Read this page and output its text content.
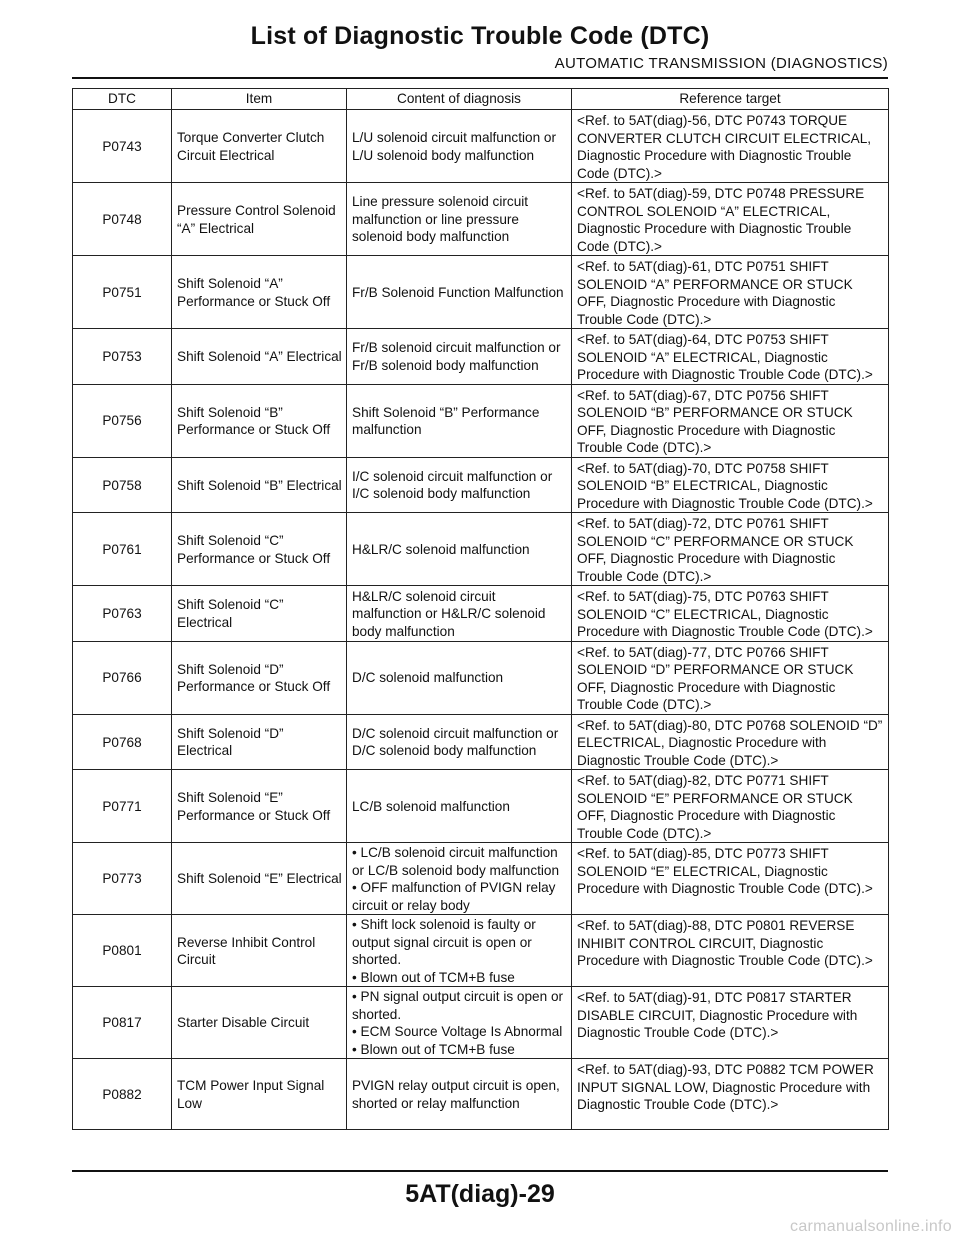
List of Diagnostic Trouble Code (DTC)
AUTOMATIC TRANSMISSION (DIAGNOSTICS)
DTC	Item	Content of diagnosis	Reference target
P0743	Torque Converter Clutch Circuit Electrical	L/U solenoid circuit malfunction or L/U solenoid body malfunction	<Ref. to 5AT(diag)-56, DTC P0743 TORQUE CONVERTER CLUTCH CIRCUIT ELECTRICAL, Diagnostic Procedure with Diagnostic Trouble Code (DTC).>
P0748	Pressure Control Solenoid “A” Electrical	Line pressure solenoid circuit malfunction or line pressure solenoid body malfunction	<Ref. to 5AT(diag)-59, DTC P0748 PRESSURE CONTROL SOLENOID “A” ELECTRICAL, Diagnostic Procedure with Diagnostic Trouble Code (DTC).>
P0751	Shift Solenoid “A” Performance or Stuck Off	Fr/B Solenoid Function Malfunction	<Ref. to 5AT(diag)-61, DTC P0751 SHIFT SOLENOID “A” PERFORMANCE OR STUCK OFF, Diagnostic Procedure with Diagnostic Trouble Code (DTC).>
P0753	Shift Solenoid “A” Electrical	Fr/B solenoid circuit malfunction or Fr/B solenoid body malfunction	<Ref. to 5AT(diag)-64, DTC P0753 SHIFT SOLENOID “A” ELECTRICAL, Diagnostic Procedure with Diagnostic Trouble Code (DTC).>
P0756	Shift Solenoid “B” Performance or Stuck Off	Shift Solenoid “B” Performance malfunction	<Ref. to 5AT(diag)-67, DTC P0756 SHIFT SOLENOID “B” PERFORMANCE OR STUCK OFF, Diagnostic Procedure with Diagnostic Trouble Code (DTC).>
P0758	Shift Solenoid “B” Electrical	I/C solenoid circuit malfunction or I/C solenoid body malfunction	<Ref. to 5AT(diag)-70, DTC P0758 SHIFT SOLENOID “B” ELECTRICAL, Diagnostic Procedure with Diagnostic Trouble Code (DTC).>
P0761	Shift Solenoid “C” Performance or Stuck Off	H&LR/C solenoid malfunction	<Ref. to 5AT(diag)-72, DTC P0761 SHIFT SOLENOID “C” PERFORMANCE OR STUCK OFF, Diagnostic Procedure with Diagnostic Trouble Code (DTC).>
P0763	Shift Solenoid “C” Electrical	H&LR/C solenoid circuit malfunction or H&LR/C solenoid body malfunction	<Ref. to 5AT(diag)-75, DTC P0763 SHIFT SOLENOID “C” ELECTRICAL, Diagnostic Procedure with Diagnostic Trouble Code (DTC).>
P0766	Shift Solenoid “D” Performance or Stuck Off	D/C solenoid malfunction	<Ref. to 5AT(diag)-77, DTC P0766 SHIFT SOLENOID “D” PERFORMANCE OR STUCK OFF, Diagnostic Procedure with Diagnostic Trouble Code (DTC).>
P0768	Shift Solenoid “D” Electrical	D/C solenoid circuit malfunction or D/C solenoid body malfunction	<Ref. to 5AT(diag)-80, DTC P0768 SOLENOID “D” ELECTRICAL, Diagnostic Procedure with Diagnostic Trouble Code (DTC).>
P0771	Shift Solenoid “E” Performance or Stuck Off	LC/B solenoid malfunction	<Ref. to 5AT(diag)-82, DTC P0771 SHIFT SOLENOID “E” PERFORMANCE OR STUCK OFF, Diagnostic Procedure with Diagnostic Trouble Code (DTC).>
P0773	Shift Solenoid “E” Electrical	• LC/B solenoid circuit malfunction or LC/B solenoid body malfunction
• OFF malfunction of PVIGN relay circuit or relay body	<Ref. to 5AT(diag)-85, DTC P0773 SHIFT SOLENOID “E” ELECTRICAL, Diagnostic Procedure with Diagnostic Trouble Code (DTC).>
P0801	Reverse Inhibit Control Circuit	• Shift lock solenoid is faulty or output signal circuit is open or shorted.
• Blown out of TCM+B fuse	<Ref. to 5AT(diag)-88, DTC P0801 REVERSE INHIBIT CONTROL CIRCUIT, Diagnostic Procedure with Diagnostic Trouble Code (DTC).>
P0817	Starter Disable Circuit	• PN signal output circuit is open or shorted.
• ECM Source Voltage Is Abnormal
• Blown out of TCM+B fuse	<Ref. to 5AT(diag)-91, DTC P0817 STARTER DISABLE CIRCUIT, Diagnostic Procedure with Diagnostic Trouble Code (DTC).>
P0882	TCM Power Input Signal Low	PVIGN relay output circuit is open, shorted or relay malfunction	<Ref. to 5AT(diag)-93, DTC P0882 TCM POWER INPUT SIGNAL LOW, Diagnostic Procedure with Diagnostic Trouble Code (DTC).>
5AT(diag)-29
carmanualsonline.info
